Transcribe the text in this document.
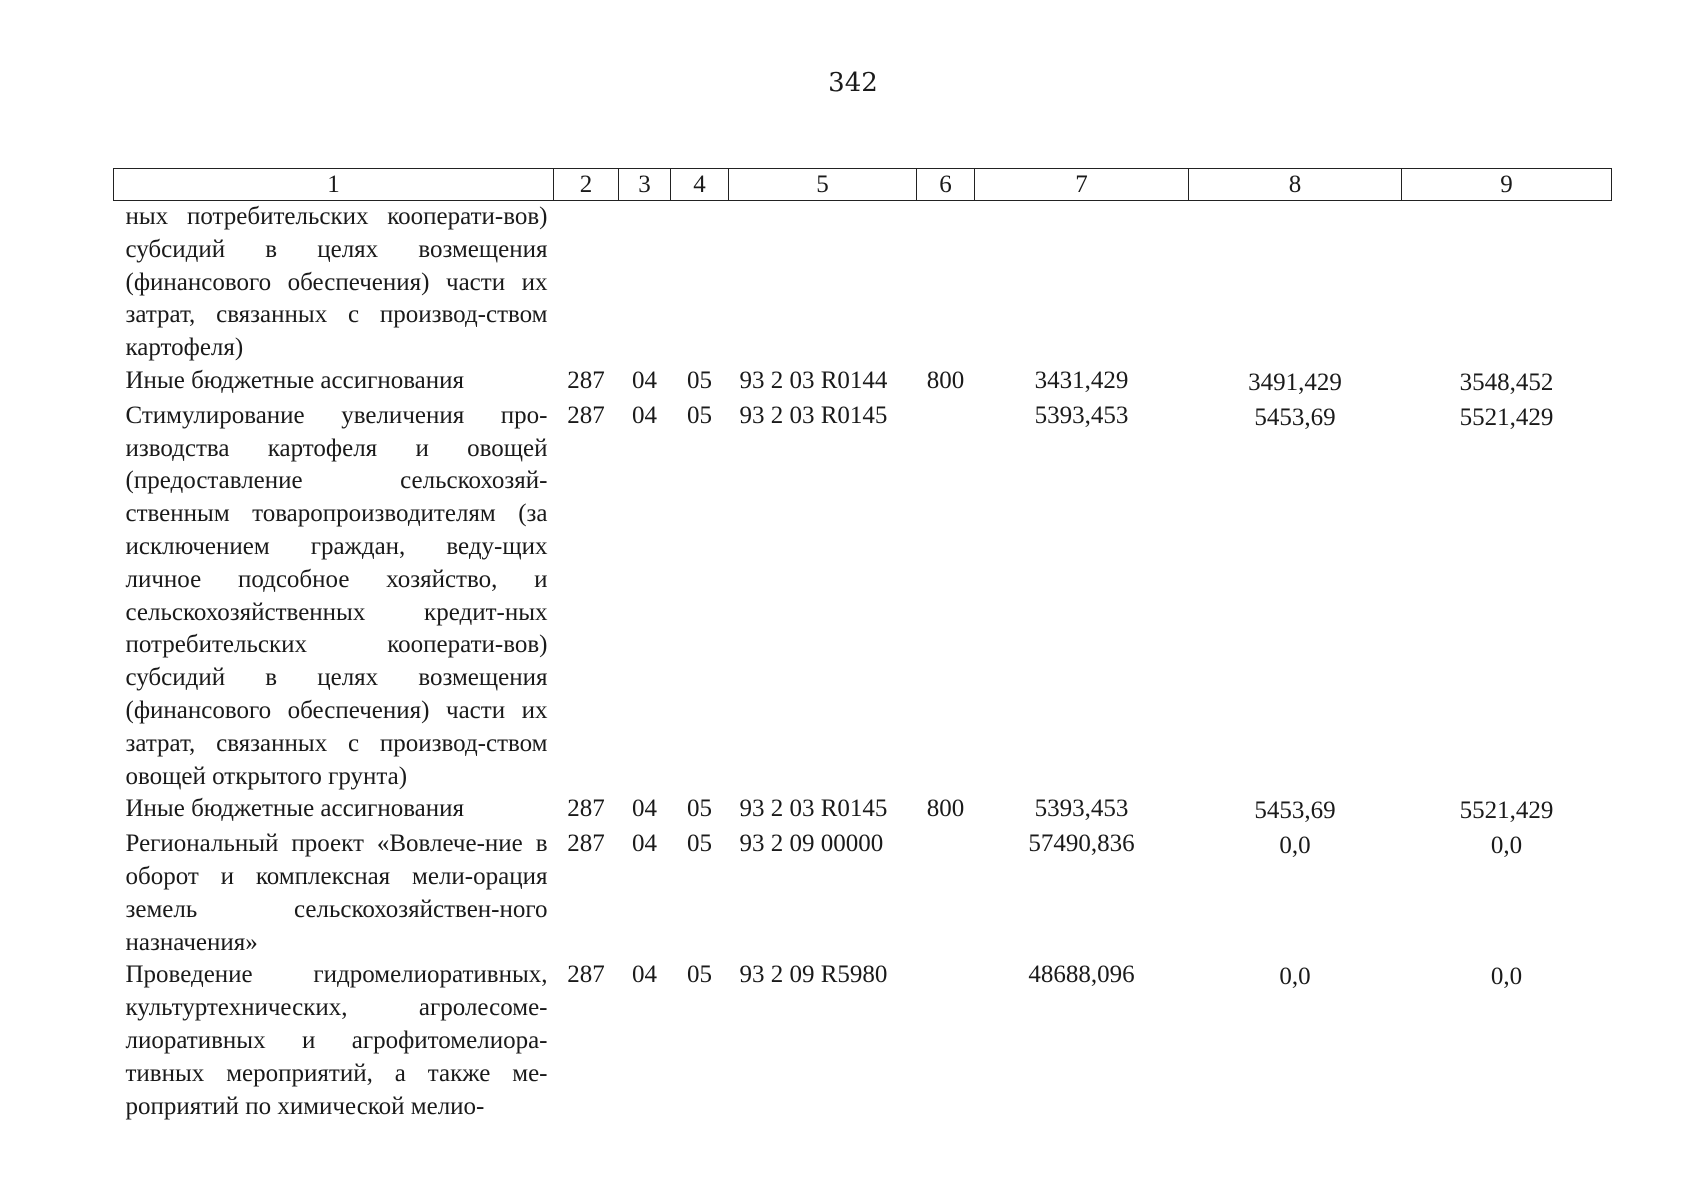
342
1	2	3	4	5	6	7	8	9
ных потребительских кооперати-вов) субсидий в целях возмещения (финансового обеспечения) части их затрат, связанных с производ-ством картофеля)								
Иные бюджетные ассигнования	287	04	05	93 2 03 R0144	800	3431,429	3491,429	3548,452
Стимулирование увеличения про-изводства картофеля и овощей (предоставление сельскохозяй-ственным товаропроизводителям (за исключением граждан, веду-щих личное подсобное хозяйство, и сельскохозяйственных кредит-ных потребительских кооперати-вов) субсидий в целях возмещения (финансового обеспечения) части их затрат, связанных с производ-ством овощей открытого грунта)	287	04	05	93 2 03 R0145		5393,453	5453,69	5521,429
Иные бюджетные ассигнования	287	04	05	93 2 03 R0145	800	5393,453	5453,69	5521,429
Региональный проект «Вовлече-ние в оборот и комплексная мели-орация земель сельскохозяйствен-ного назначения»	287	04	05	93 2 09 00000		57490,836	0,0	0,0
Проведение гидромелиоративных, культуртехнических, агролесоме-лиоративных и агрофитомелиора-тивных мероприятий, а также ме-роприятий по химической мелио-	287	04	05	93 2 09 R5980		48688,096	0,0	0,0
